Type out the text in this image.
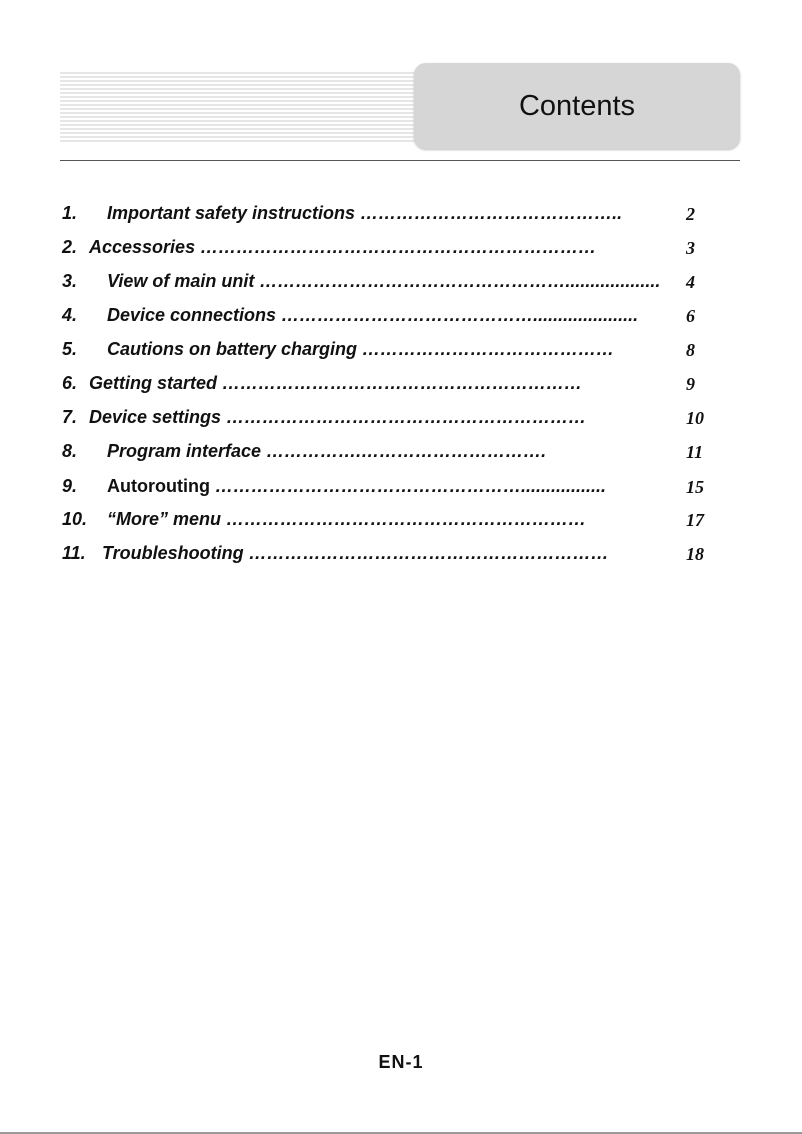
Contents
1. Important safety instructions ……………………………………..	2
2. Accessories …………………………………………………………	3
3. View of main unit ……………………………………………................... 4
4. Device connections …………………………………….....................	6
5. Cautions on battery charging ……………………………………	8
6. Getting started ……………………………………………………	9
7. Device settings ……………………………………………………	10
8. Program interface …………….………………………….	11
9. Autorouting …………………………………………….................	15
10. “More” menu ……………………………………………………	17
11. Troubleshooting ……………………………………………………	18
EN-1
